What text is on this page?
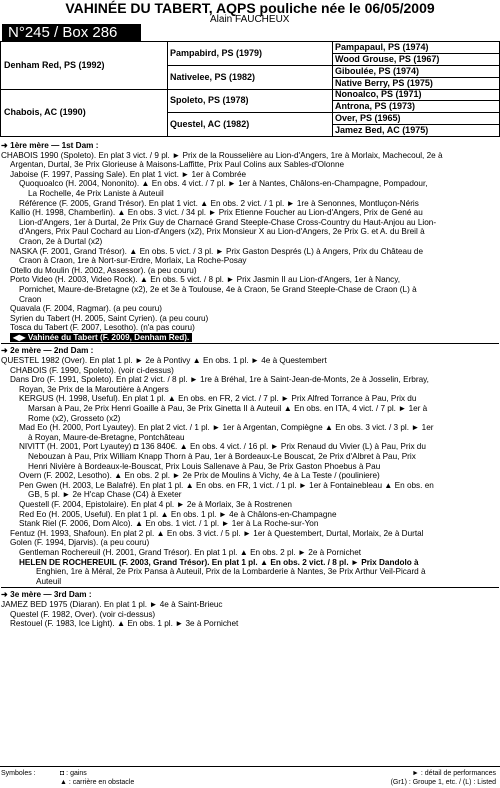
VAHINÉE DU TABERT, AQPS pouliche née le 06/05/2009
Alain FAUCHEUX
N°245 / Box 286
Denham Red, PS (1992)
Chabois, AC (1990)
Pampabird, PS (1979)
Nativelee, PS (1982)
Spoleto, PS (1978)
Questel, AC (1982)
Pampapaul, PS (1974)
Wood Grouse, PS (1967)
Giboulée, PS (1974)
Native Berry, PS (1975)
Nonoalco, PS (1971)
Antrona, PS (1973)
Over, PS (1965)
Jamez Bed, AC (1975)
➜ 1ère mère — 1st Dam :
CHABOIS 1990 (Spoleto). En plat 3 vict. / 9 pl. ► Prix de la Rousselière au Lion-d'Angers, 1re à Morlaix, Machecoul, 2e à
Argentan, Durtal, 3e Prix Glorieuse à Maisons-Laffitte, Prix Paul Colins aux Sables-d'Olonne
Jaboise (F. 1997, Passing Sale). En plat 1 vict. ► 1er à Combrée
Quoquoalco (H. 2004, Nononito). ▲ En obs. 4 vict. / 7 pl. ► 1er à Nantes, Châlons-en-Champagne, Pompadour,
La Rochelle, 4e Prix Laniste à Auteuil
Référence (F. 2005, Grand Trésor). En plat 1 vict. ▲ En obs. 2 vict. / 1 pl. ► 1re à Senonnes, Montluçon-Néris
Kallio (H. 1998, Chamberlin). ▲ En obs. 3 vict. / 34 pl. ► Prix Etienne Foucher au Lion-d'Angers, Prix de Gené au
Lion-d'Angers, 1er à Durtal, 2e Prix Guy de Charnacé Grand Steeple-Chase Cross-Country du Haut-Anjou au Lion-
d'Angers, Prix Paul Cochard au Lion-d'Angers (x2), Prix Monsieur X au Lion-d'Angers, 2e Prix G. et A. du Breil à
Craon, 2e à Durtal (x2)
NASKA (F. 2001, Grand Trésor). ▲ En obs. 5 vict. / 3 pl. ► Prix Gaston Després (L) à Angers, Prix du Château de
Craon à Craon, 1re à Nort-sur-Erdre, Morlaix, La Roche-Posay
Otello du Moulin (H. 2002, Assessor). (a peu couru)
Porto Video (H. 2003, Video Rock). ▲ En obs. 5 vict. / 8 pl. ► Prix Jasmin II au Lion-d'Angers, 1er à Nancy,
Pornichet, Maure-de-Bretagne (x2), 2e et 3e à Toulouse, 4e à Craon, 5e Grand Steeple-Chase de Craon (L) à
Craon
Quavala (F. 2004, Ragmar). (a peu couru)
Syrien du Tabert (H. 2005, Saint Cyrien). (a peu couru)
Tosca du Tabert (F. 2007, Lesotho). (n'a pas couru)
◀▶ Vahinée du Tabert (F. 2009, Denham Red).
➜ 2e mère — 2nd Dam :
QUESTEL 1982 (Over). En plat 1 pl. ► 2e à Pontivy ▲ En obs. 1 pl. ► 4e à Questembert
CHABOIS (F. 1990, Spoleto). (voir ci-dessus)
Dans Dro (F. 1991, Spoleto). En plat 2 vict. / 8 pl. ► 1re à Bréhal, 1re à Saint-Jean-de-Monts, 2e à Josselin, Erbray,
Royan, 3e Prix de la Maroutière à Angers
KERGUS (H. 1998, Useful). En plat 1 pl. ▲ En obs. en FR, 2 vict. / 7 pl. ► Prix Alfred Torrance à Pau, Prix du
Marsan à Pau, 2e Prix Henri Goaille à Pau, 3e Prix Ginetta II à Auteuil ▲ En obs. en ITA, 4 vict. / 7 pl. ► 1er à
Rome (x2), Grosseto (x2)
Mad Eo (H. 2000, Port Lyautey). En plat 2 vict. / 1 pl. ► 1er à Argentan, Compiègne ▲ En obs. 3 vict. / 3 pl. ► 1er
à Royan, Maure-de-Bretagne, Pontchâteau
NIVITT (H. 2001, Port Lyautey) ◘ 136 840€. ▲ En obs. 4 vict. / 16 pl. ► Prix Renaud du Vivier (L) à Pau, Prix du
Nebouzan à Pau, Prix William Knapp Thorn à Pau, 1er à Bordeaux-Le Bouscat, 2e Prix d'Albret à Pau, Prix
Henri Nivière à Bordeaux-le-Bouscat, Prix Louis Sallenave à Pau, 3e Prix Gaston Phoebus à Pau
Overn (F. 2002, Lesotho). ▲ En obs. 2 pl. ► 2e Prix de Moulins à Vichy, 4e à La Teste / (pouliniere)
Pen Gwen (H. 2003, Le Balafré). En plat 1 pl. ▲ En obs. en FR, 1 vict. / 1 pl. ► 1er à Fontainebleau ▲ En obs. en
GB, 5 pl. ► 2e H'cap Chase (C4) à Exeter
Questell (F. 2004, Epistolaire). En plat 4 pl. ► 2e à Morlaix, 3e à Rostrenen
Red Eo (H. 2005, Useful). En plat 1 pl. ▲ En obs. 1 pl. ► 4e à Châlons-en-Champagne
Stank Riel (F. 2006, Dom Alco). ▲ En obs. 1 vict. / 1 pl. ► 1er à La Roche-sur-Yon
Fentuz (H. 1993, Shafoun). En plat 2 pl. ▲ En obs. 3 vict. / 5 pl. ► 1er à Questembert, Durtal, Morlaix, 2e à Durtal
Golen (F. 1994, Djarvis). (a peu couru)
Gentleman Rochereuil (H. 2001, Grand Trésor). En plat 1 pl. ▲ En obs. 2 pl. ► 2e à Pornichet
HELEN DE ROCHEREUIL (F. 2003, Grand Trésor). En plat 1 pl. ▲ En obs. 2 vict. / 8 pl. ► Prix Dandolo à
Enghien, 1re à Méral, 2e Prix Pansa à Auteuil, Prix de la Lombarderie à Nantes, 3e Prix Arthur Veil-Picard à
Auteuil
➜ 3e mère — 3rd Dam :
JAMEZ BED 1975 (Diaran). En plat 1 pl. ► 4e à Saint-Brieuc
Questel (F. 1982, Over). (voir ci-dessus)
Restouel (F. 1983, Ice Light). ▲ En obs. 1 pl. ► 3e à Pornichet
Symboles :	◘ : gains
▲ : carrière en obstacle
► : détail de performances
(Gr1) : Groupe 1, etc. / (L) : Listed
